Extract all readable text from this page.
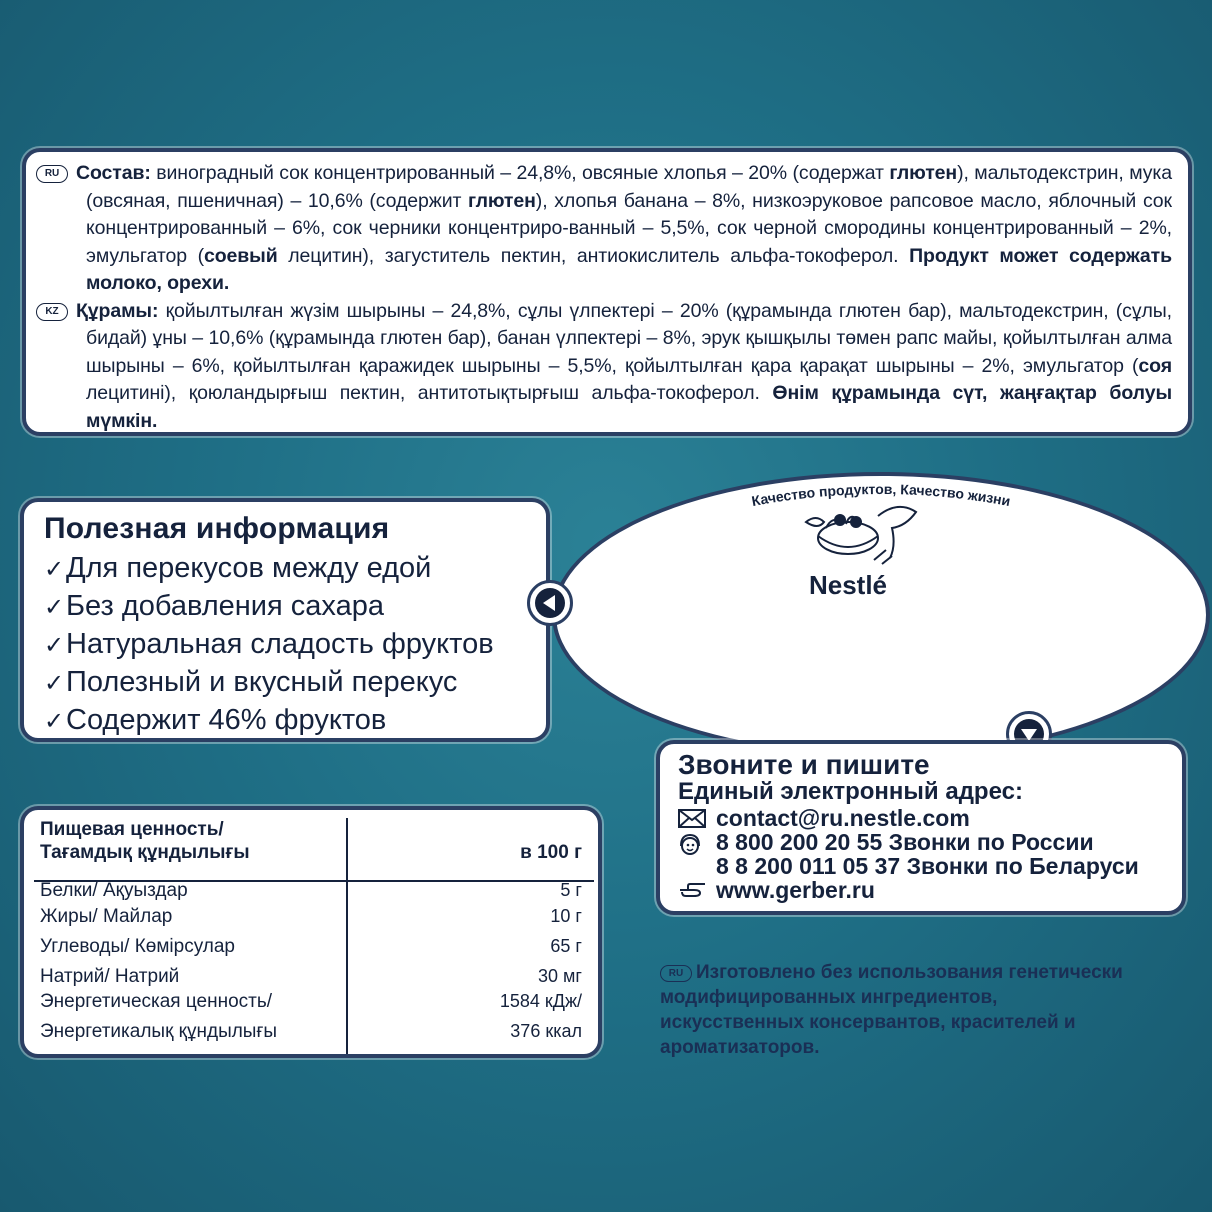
RU Состав: виноградный сок концентрированный – 24,8%, овсяные хлопья – 20% (содержат глютен), мальтодекстрин, мука (овсяная, пшеничная) – 10,6% (содержит глютен), хлопья банана – 8%, низкоэруковое рапсовое масло, яблочный сок концентрированный – 6%, сок черники концентриро-ванный – 5,5%, сок черной смородины концентрированный – 2%, эмульгатор (соевый лецитин), загуститель пектин, антиокислитель альфа-токоферол. Продукт может содержать молоко, орехи.

KZ Құрамы: қойылтылған жүзім шырыны – 24,8%, сұлы үлпектері – 20% (құрамында глютен бар), мальтодекстрин, (сұлы, бидай) ұны – 10,6% (құрамында глютен бар), банан үлпектері – 8%, эрук қышқылы төмен рапс майы, қойылтылған алма шырыны – 6%, қойылтылған қаражидек шырыны – 5,5%, қойылтылған қара қарақат шырыны – 2%, эмульгатор (соя лецитині), қоюландырғыш пектин, антитотықтырғыш альфа-токоферол. Өнім құрамында сүт, жаңғақтар болуы мүмкін.

Полезная информация
✓Для перекусов между едой
✓Без добавления сахара
✓Натуральная сладость фруктов
✓Полезный и вкусный перекус
✓Содержит 46% фруктов
Качество продуктов, Качество жизни
Nestlé
Звоните и пишите
Единый электронный адрес:
contact@ru.nestle.com
8 800 200 20 55 Звонки по России
8 8 200 011 05 37 Звонки по Беларуси
www.gerber.ru
Пищевая ценность/
Тағамдық құндылығы	в 100 г
Белки/ Ақуыздар	5 г
Жиры/ Майлар	10 г
Углеводы/ Көмірсулар	65 г
Натрий/ Натрий	30 мг
Энергетическая ценность/	1584 кДж/
Энергетикалық құндылығы	376 ккал
RU Изготовлено без использования генетически модифицированных ингредиентов, искусственных консервантов, красителей и ароматизаторов.
